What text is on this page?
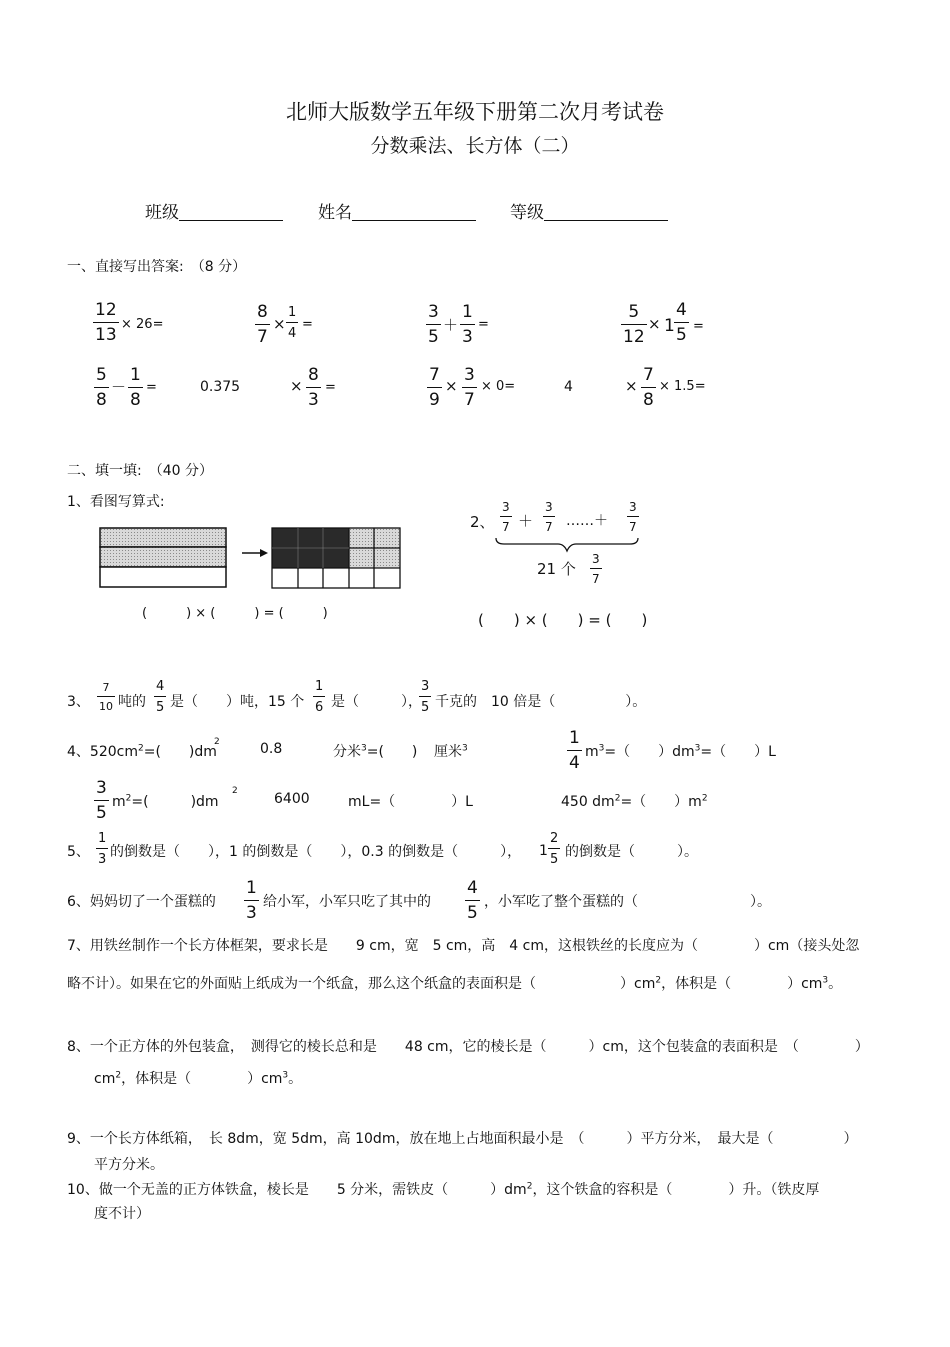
北师大版数学五年级下册第二次月考试卷
分数乘法、长方体（二）
班级	姓名	等级
一、直接写出答案:　 （8 分）
12
13
× 26=
8
7
×
1
4
=
3
5
＋
1
3
=
5
12
× 1
4
5 =
5
8
－
1
8
=	0.375	×
8
3
=
7
9
×
3
7
× 0=	4	×
7
8
× 1.5=
二、填一填:　 （40 分）
1、看图写算式:
(　　　) × (　　　) = (　　　)
2、
3
7 ＋
3
7 ……＋
3
7
21 个
3
7
(　　) × (　　) = (　　)
3、
7
10 吨的
4
5 是（　　）吨，15 个
1
6 是（　　　），
3
5 千克的　10 倍是（　　　　　）。
4、$520cm^2=$(　　)dm
2	0.8	分米$^3$=(　　) 厘米$^3$
1
4
$m^3=$（　　）$dm^3=$（　　）L
3
5
$m^2=$(　　　)dm
2	6400	mL=（　　　　）L	450 $dm^2=$（　　）$m^2$
5、
1
3 的倒数是（　　），1 的倒数是（　　），0.3 的倒数是（　　　）， 1
2
5 的倒数是（　　　）。
6、妈妈切了一个蛋糕的
1
3
给小军，小军只吃了其中的
4
5
，小军吃了整个蛋糕的（　　　　　　　　）。
7、用铁丝制作一个长方体框架，要求长是　　9 cm，宽　5 cm，高　4 cm，这根铁丝的长度应为（　　　　）cm（接头处忽
略不计）。如果在它的外面贴上纸成为一个纸盒，那么这个纸盒的表面积是（　　　　　　）$cm^2$，体积是（　　　　）$cm^3$。
8、一个正方体的外包装盒，　测得它的棱长总和是　　48 cm，它的棱长是（　　　）cm，这个包装盒的表面积是　（　　　　）
$cm^2$，体积是（　　　　）$cm^3$。
9、一个长方体纸箱，　长 8dm，宽 5dm，高 10dm，放在地上占地面积最小是　（　　　）平方分米，　最大是（　　　　　）
平方分米。
10、做一个无盖的正方体铁盒，棱长是　　5 分米，需铁皮（　　　）$dm^2$，这个铁盒的容积是（　　　　）升。（铁皮厚
度不计）
